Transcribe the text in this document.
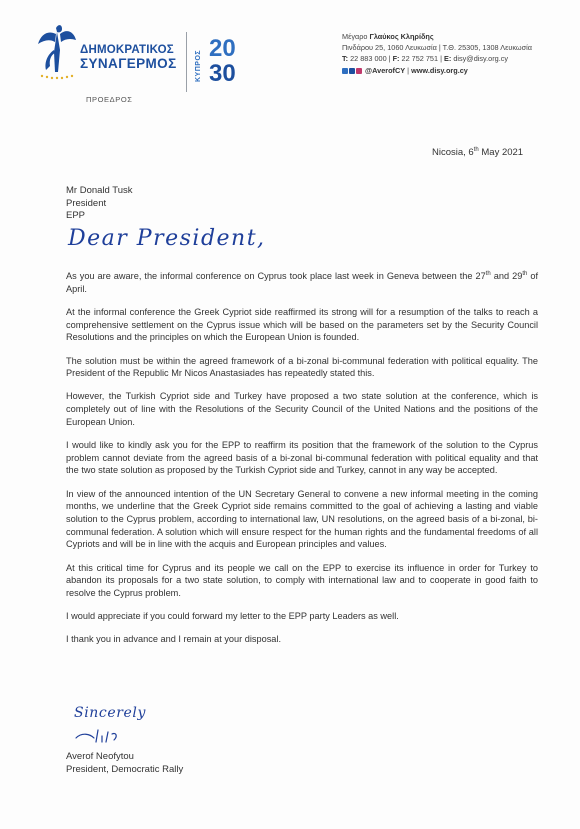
ΔΗΜΟΚΡΑΤΙΚΟΣ
ΣΥΝΑΓΕΡΜΟΣ
ΠΡΟΕΔΡΟΣ
ΚΥΠΡΟΣ
20
30
Μέγαρο Γλαύκος Κληρίδης
Πινδάρου 25, 1060 Λευκωσία | Τ.Θ. 25305, 1308 Λευκωσία
T: 22 883 000 | F: 22 752 751 | E: disy@disy.org.cy
@AverofCY | www.disy.org.cy
Nicosia, 6th May 2021
Mr Donald Tusk
President
EPP
Dear President,

As you are aware, the informal conference on Cyprus took place last week in Geneva between the 27th and 29th of April.

At the informal conference the Greek Cypriot side reaffirmed its strong will for a resumption of the talks to reach a comprehensive settlement on the Cyprus issue which will be based on the parameters set by the Security Council Resolutions and the principles on which the European Union is founded.

The solution must be within the agreed framework of a bi-zonal bi-communal federation with political equality. The President of the Republic Mr Nicos Anastasiades has repeatedly stated this.

However, the Turkish Cypriot side and Turkey have proposed a two state solution at the conference, which is completely out of line with the Resolutions of the Security Council of the United Nations and the positions of the European Union.

I would like to kindly ask you for the EPP to reaffirm its position that the framework of the solution to the Cyprus problem cannot deviate from the agreed basis of a bi-zonal bi-communal federation with political equality and that the two state solution as proposed by the Turkish Cypriot side and Turkey, cannot in any way be accepted.

In view of the announced intention of the UN Secretary General to convene a new informal meeting in the coming months, we underline that the Greek Cypriot side remains committed to the goal of achieving a lasting and viable solution to the Cyprus problem, according to international law, UN resolutions, on the agreed basis of a bi-zonal, bi-communal federation. A solution which will ensure respect for the human rights and the fundamental freedoms of all Cypriots and will be in line with the acquis and European principles and values.

At this critical time for Cyprus and its people we call on the EPP to exercise its influence in order for Turkey to abandon its proposals for a two state solution, to comply with international law and to cooperate in good faith to resolve the Cyprus problem.

I would appreciate if you could forward my letter to the EPP party Leaders as well.

I thank you in advance and I remain at your disposal.

Sincerely
Averof Neofytou
President, Democratic Rally
